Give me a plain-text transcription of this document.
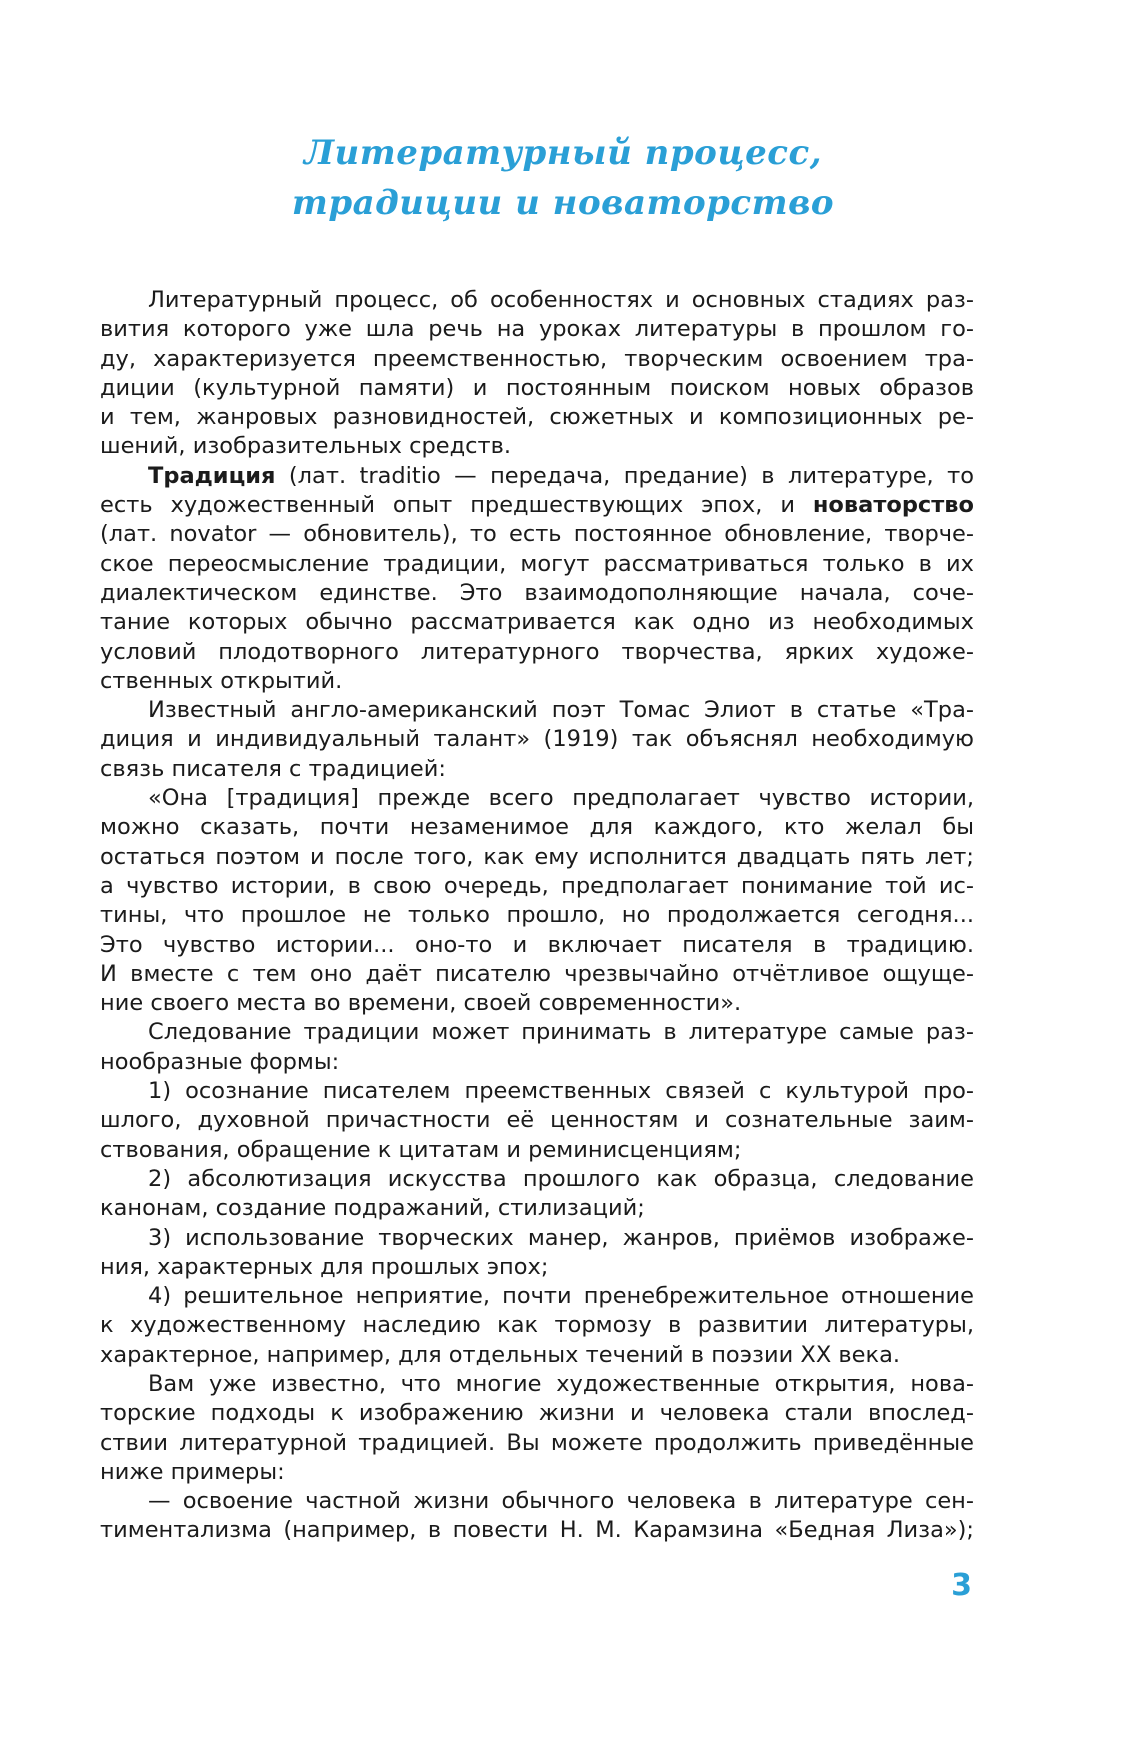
Литературный процесс,
традиции и новаторство
Литературный процесс, об особенностях и основных стадиях раз-
вития которого уже шла речь на уроках литературы в прошлом го-
ду, характеризуется преемственностью, творческим освоением тра-
диции (культурной памяти) и постоянным поиском новых образов
и тем, жанровых разновидностей, сюжетных и композиционных ре-
шений, изобразительных средств.
Традиция (лат. traditio — передача, предание) в литературе, то
есть художественный опыт предшествующих эпох, и новаторство
(лат. novator — обновитель), то есть постоянное обновление, творче-
ское переосмысление традиции, могут рассматриваться только в их
диалектическом единстве. Это взаимодополняющие начала, соче-
тание которых обычно рассматривается как одно из необходимых
условий плодотворного литературного творчества, ярких художе-
ственных открытий.
Известный англо-американский поэт Томас Элиот в статье «Тра-
диция и индивидуальный талант» (1919) так объяснял необходимую
связь писателя с традицией:
«Она [традиция] прежде всего предполагает чувство истории,
можно сказать, почти незаменимое для каждого, кто желал бы
остаться поэтом и после того, как ему исполнится двадцать пять лет;
а чувство истории, в свою очередь, предполагает понимание той ис-
тины, что прошлое не только прошло, но продолжается сегодня...
Это чувство истории... оно-то и включает писателя в традицию.
И вместе с тем оно даёт писателю чрезвычайно отчётливое ощуще-
ние своего места во времени, своей современности».
Следование традиции может принимать в литературе самые раз-
нообразные формы:
1) осознание писателем преемственных связей с культурой про-
шлого, духовной причастности её ценностям и сознательные заим-
ствования, обращение к цитатам и реминисценциям;
2) абсолютизация искусства прошлого как образца, следование
канонам, создание подражаний, стилизаций;
3) использование творческих манер, жанров, приёмов изображе-
ния, характерных для прошлых эпох;
4) решительное неприятие, почти пренебрежительное отношение
к художественному наследию как тормозу в развитии литературы,
характерное, например, для отдельных течений в поэзии XX века.
Вам уже известно, что многие художественные открытия, нова-
торские подходы к изображению жизни и человека стали впослед-
ствии литературной традицией. Вы можете продолжить приведённые
ниже примеры:
— освоение частной жизни обычного человека в литературе сен-
тиментализма (например, в повести Н. М. Карамзина «Бедная Лиза»);
3
